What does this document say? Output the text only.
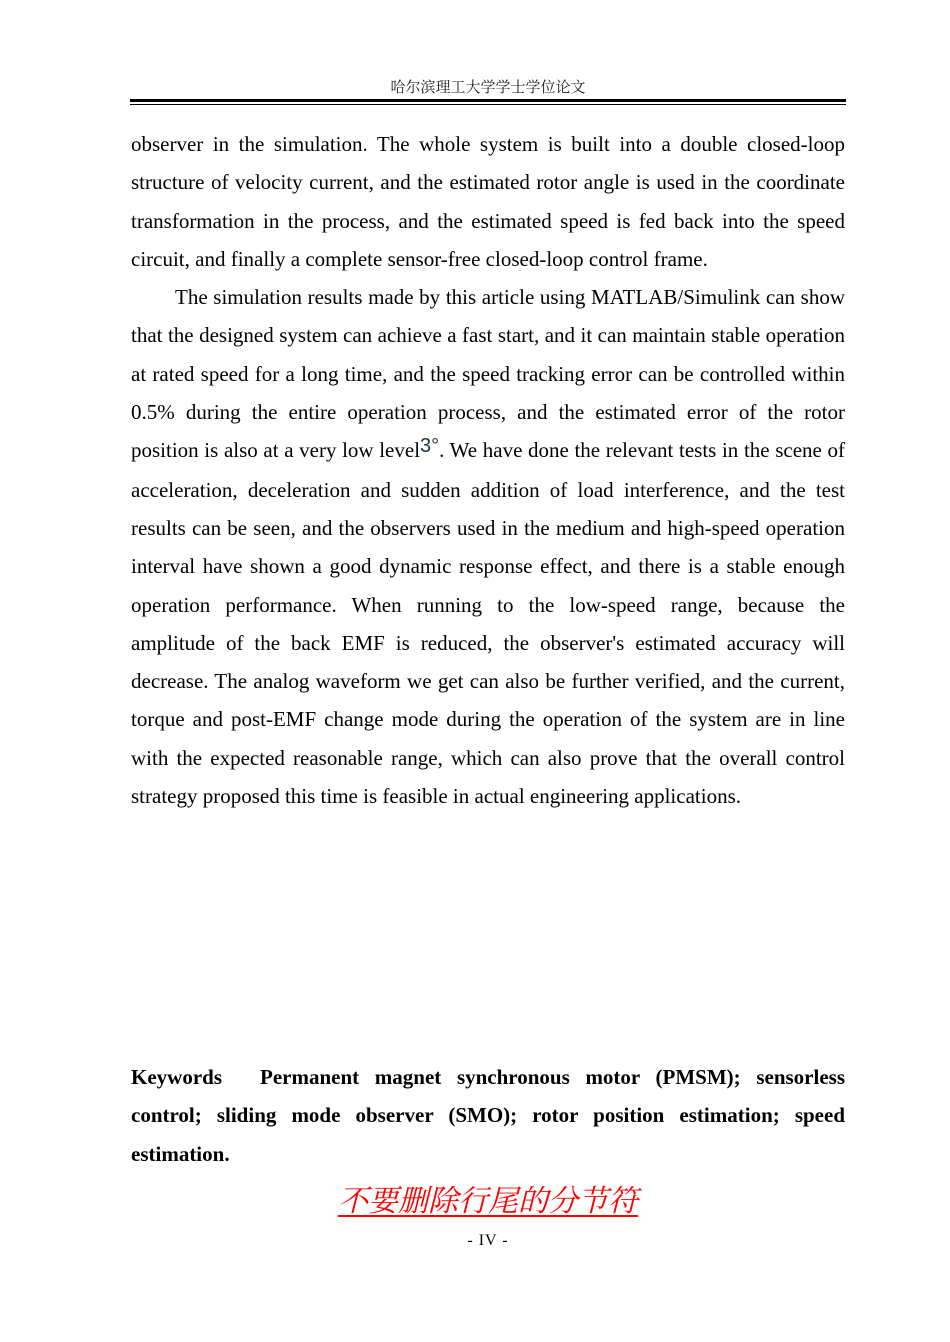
哈尔滨理工大学学士学位论文

observer in the simulation. The whole system is built into a double closed-loop structure of velocity current, and the estimated rotor angle is used in the coordinate transformation in the process, and the estimated speed is fed back into the speed circuit, and finally a complete sensor-free closed-loop control frame.

The simulation results made by this article using MATLAB/Simulink can show that the designed system can achieve a fast start, and it can maintain stable operation at rated speed for a long time, and the speed tracking error can be controlled within 0.5% during the entire operation process, and the estimated error of the rotor position is also at a very low level3°. We have done the relevant tests in the scene of acceleration, deceleration and sudden addition of load interference, and the test results can be seen, and the observers used in the medium and high-speed operation interval have shown a good dynamic response effect, and there is a stable enough operation performance. When running to the low-speed range, because the amplitude of the back EMF is reduced, the observer's estimated accuracy will decrease. The analog waveform we get can also be further verified, and the current, torque and post-EMF change mode during the operation of the system are in line with the expected reasonable range, which can also prove that the overall control strategy proposed this time is feasible in actual engineering applications.

Keywords Permanent magnet synchronous motor (PMSM); sensorless control; sliding mode observer (SMO); rotor position estimation; speed estimation.

不要删除行尾的分节符
- IV -
